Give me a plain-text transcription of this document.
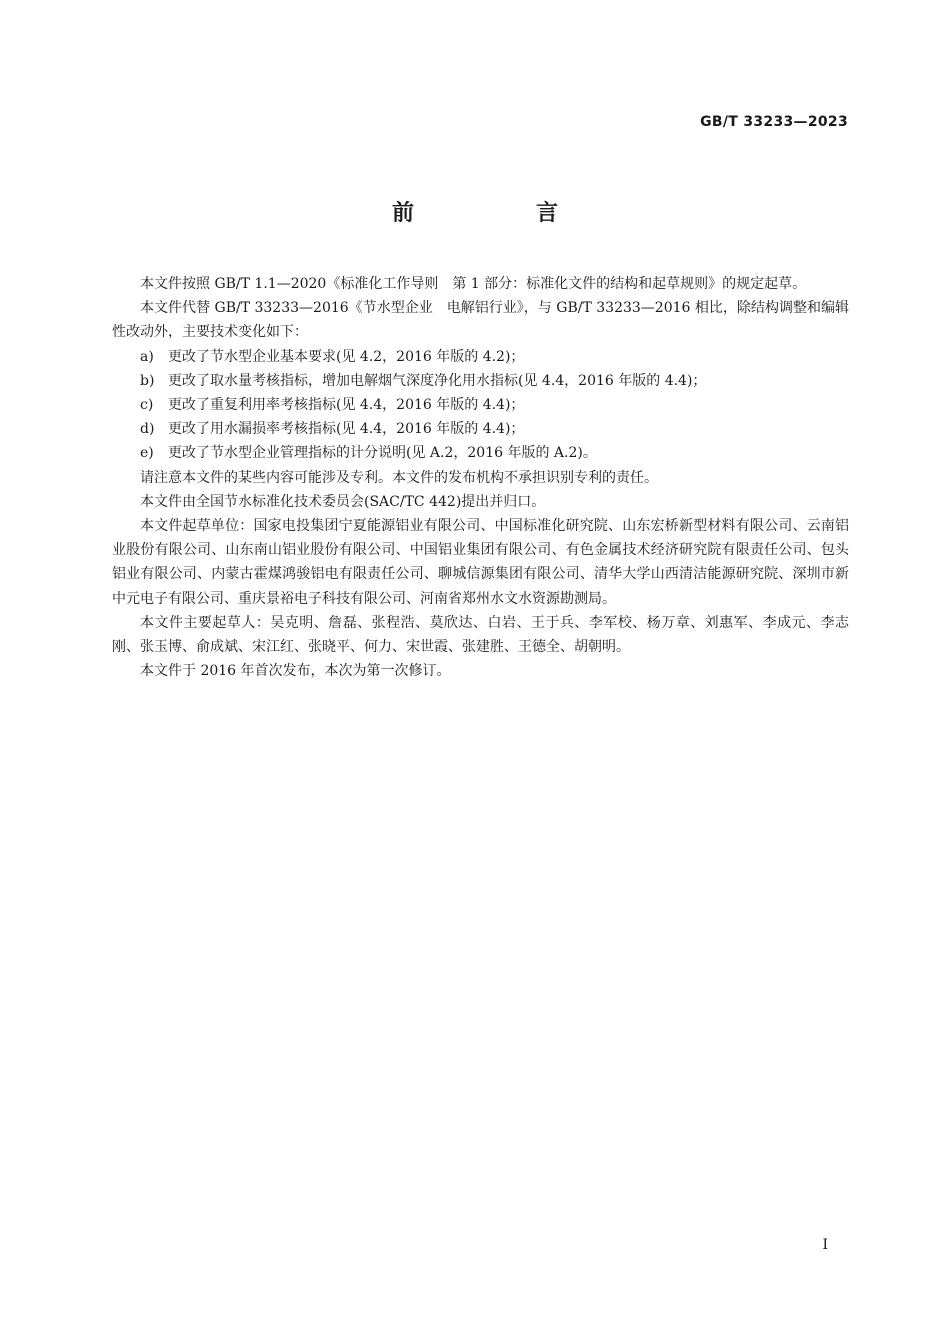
GB/T 33233—2023
前　言

本文件按照 GB/T 1.1—2020《标准化工作导则　第 1 部分：标准化文件的结构和起草规则》的规定起草。

本文件代替 GB/T 33233—2016《节水型企业　电解铝行业》，与 GB/T 33233—2016 相比，除结构调整和编辑性改动外，主要技术变化如下：

a) 更改了节水型企业基本要求(见 4.2，2016 年版的 4.2)；

b) 更改了取水量考核指标，增加电解烟气深度净化用水指标(见 4.4，2016 年版的 4.4)；

c) 更改了重复利用率考核指标(见 4.4，2016 年版的 4.4)；

d) 更改了用水漏损率考核指标(见 4.4，2016 年版的 4.4)；

e) 更改了节水型企业管理指标的计分说明(见 A.2，2016 年版的 A.2)。

请注意本文件的某些内容可能涉及专利。本文件的发布机构不承担识别专利的责任。

本文件由全国节水标准化技术委员会(SAC/TC 442)提出并归口。

本文件起草单位：国家电投集团宁夏能源铝业有限公司、中国标准化研究院、山东宏桥新型材料有限公司、云南铝业股份有限公司、山东南山铝业股份有限公司、中国铝业集团有限公司、有色金属技术经济研究院有限责任公司、包头铝业有限公司、内蒙古霍煤鸿骏铝电有限责任公司、聊城信源集团有限公司、清华大学山西清洁能源研究院、深圳市新中元电子有限公司、重庆景裕电子科技有限公司、河南省郑州水文水资源勘测局。

本文件主要起草人：吴克明、詹磊、张程浩、莫欣达、白岩、王于兵、李军校、杨万章、刘惠军、李成元、李志刚、张玉博、俞成斌、宋江红、张晓平、何力、宋世霞、张建胜、王德全、胡朝明。

本文件于 2016 年首次发布，本次为第一次修订。

I
